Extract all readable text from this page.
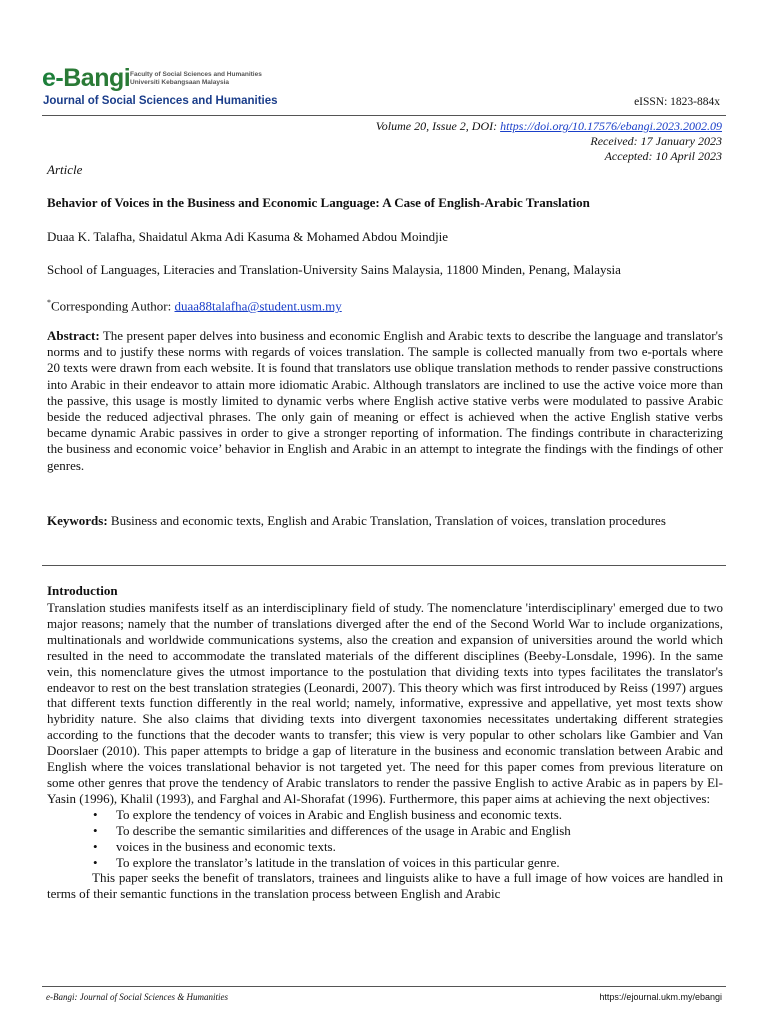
e-Bangi Faculty of Social Sciences and Humanities
Universiti Kebangsaan Malaysia
Journal of Social Sciences and Humanities	eISSN: 1823-884x
Volume 20, Issue 2, DOI: https://doi.org/10.17576/ebangi.2023.2002.09
Received: 17 January 2023
Accepted: 10 April 2023
Article
Behavior of Voices in the Business and Economic Language: A Case of English-Arabic Translation
Duaa K. Talafha, Shaidatul Akma Adi Kasuma & Mohamed Abdou Moindjie
School of Languages, Literacies and Translation-University Sains Malaysia, 11800 Minden, Penang, Malaysia
*Corresponding Author: duaa88talafha@student.usm.my
Abstract: The present paper delves into business and economic English and Arabic texts to describe the language and translator's norms and to justify these norms with regards of voices translation. The sample is collected manually from two e-portals where 20 texts were drawn from each website. It is found that translators use oblique translation methods to render passive constructions into Arabic in their endeavor to attain more idiomatic Arabic. Although translators are inclined to use the active voice more than the passive, this usage is mostly limited to dynamic verbs where English active stative verbs were modulated to passive Arabic beside the reduced adjectival phrases. The only gain of meaning or effect is achieved when the active English stative verbs became dynamic Arabic passives in order to give a stronger reporting of information. The findings contribute in characterizing the business and economic voice’ behavior in English and Arabic in an attempt to integrate the findings with the findings of other genres.
Keywords: Business and economic texts, English and Arabic Translation, Translation of voices, translation procedures
Introduction

Translation studies manifests itself as an interdisciplinary field of study. The nomenclature 'interdisciplinary' emerged due to two major reasons; namely that the number of translations diverged after the end of the Second World War to include organizations, multinationals and worldwide communications systems, also the creation and expansion of universities around the world which resulted in the need to accommodate the translated materials of the different disciplines (Beeby-Lonsdale, 1996). In the same vein, this nomenclature gives the utmost importance to the postulation that dividing texts into types facilitates the translator's endeavor to rest on the best translation strategies (Leonardi, 2007). This theory which was first introduced by Reiss (1997) argues that different texts function differently in the real world; namely, informative, expressive and appellative, yet most texts show hybridity nature. She also claims that dividing texts into divergent taxonomies necessitates undertaking different strategies according to the functions that the decoder wants to transfer; this view is very popular to other scholars like Gambier and Van Doorslaer (2010). This paper attempts to bridge a gap of literature in the business and economic translation between Arabic and English where the voices translational behavior is not targeted yet. The need for this paper comes from previous literature on some other genres that prove the tendency of Arabic translators to render the passive English to active Arabic as in papers by El-Yasin (1996), Khalil (1993), and Farghal and Al-Shorafat (1996). Furthermore, this paper aims at achieving the next objectives:

• To explore the tendency of voices in Arabic and English business and economic texts.
• To describe the semantic similarities and differences of the usage in Arabic and English
• voices in the business and economic texts.
• To explore the translator’s latitude in the translation of voices in this particular genre.

This paper seeks the benefit of translators, trainees and linguists alike to have a full image of how voices are handled in terms of their semantic functions in the translation process between English and Arabic

e-Bangi: Journal of Social Sciences & Humanities	https://ejournal.ukm.my/ebangi
